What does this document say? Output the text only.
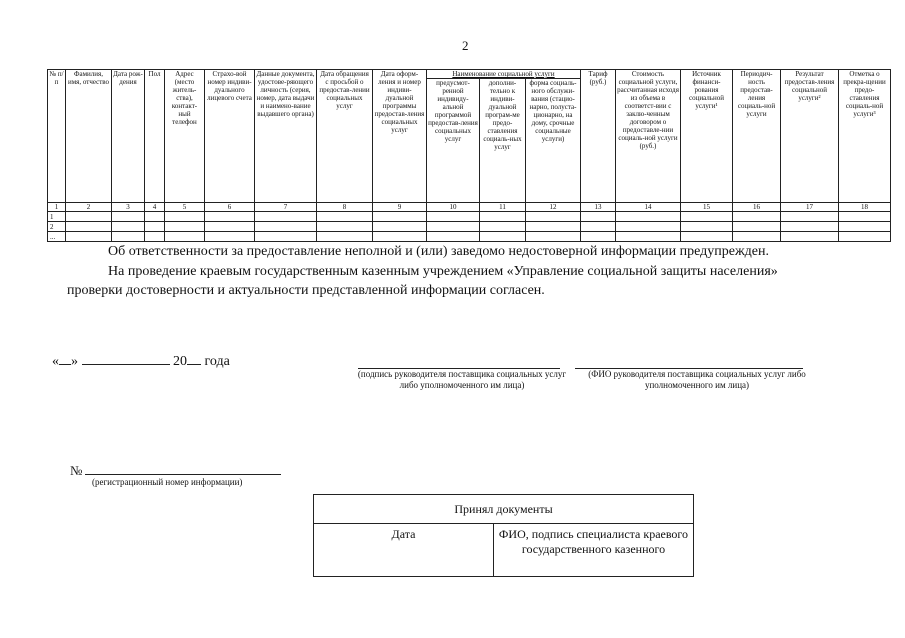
2
№ п/п	Фамилия, имя, отчество	Дата рож-дения	Пол	Адрес (место житель-ства), контакт-ный телефон	Страхо-вой номер индиви-дуального лицевого счета	Данные документа, удостове-ряющего личность (серия, номер, дата выдачи и наимено-вание выдавшего органа)	Дата обращения с просьбой о предостав-лении социальных услуг	Дата оформ-ления и номер индиви-дуальной программы предостав-ления социальных услуг	Наименование социальной услуги			Тариф (руб.)	Стоимость социальной услуги, рассчитанная исходя из объема в соответст-вии с заклю-ченным договором о предоставле-нии социаль-ной услуги (руб.)	Источник финанси-рования социальной услуги¹	Периодич-ность предостав-ления социаль-ной услуги	Результат предостав-ления социальной услуги²	Отметка о прекра-щении предо-ставления социаль-ной услуги³
									предусмот-ренной индивиду-альной программой предостав-ления социальных услуг	дополни-тельно к индиви-дуальной програм-ме предо-ставления социаль-ных услуг	форма социаль-ного обслужи-вания (стацио-нарно, полуста-ционарно, на дому, срочные социальные услуги)						
1	2	3	4	5	6	7	8	9	10	11	12	13	14	15	16	17	18
1																	
2																	
...																	
Об ответственности за предоставление неполной и (или) заведомо недостоверной информации предупрежден.
На проведение краевым государственным казенным учреждением «Управление социальной защиты населения»
проверки достоверности и актуальности представленной информации согласен.
« »	20 года
(подпись руководителя поставщика социальных услуг либо уполномоченного им лица)
(ФИО руководителя поставщика социальных услуг либо уполномоченного им лица)
№
(регистрационный номер информации)
Принял документы
Дата	ФИО, подпись специалиста краевого государственного казенного
